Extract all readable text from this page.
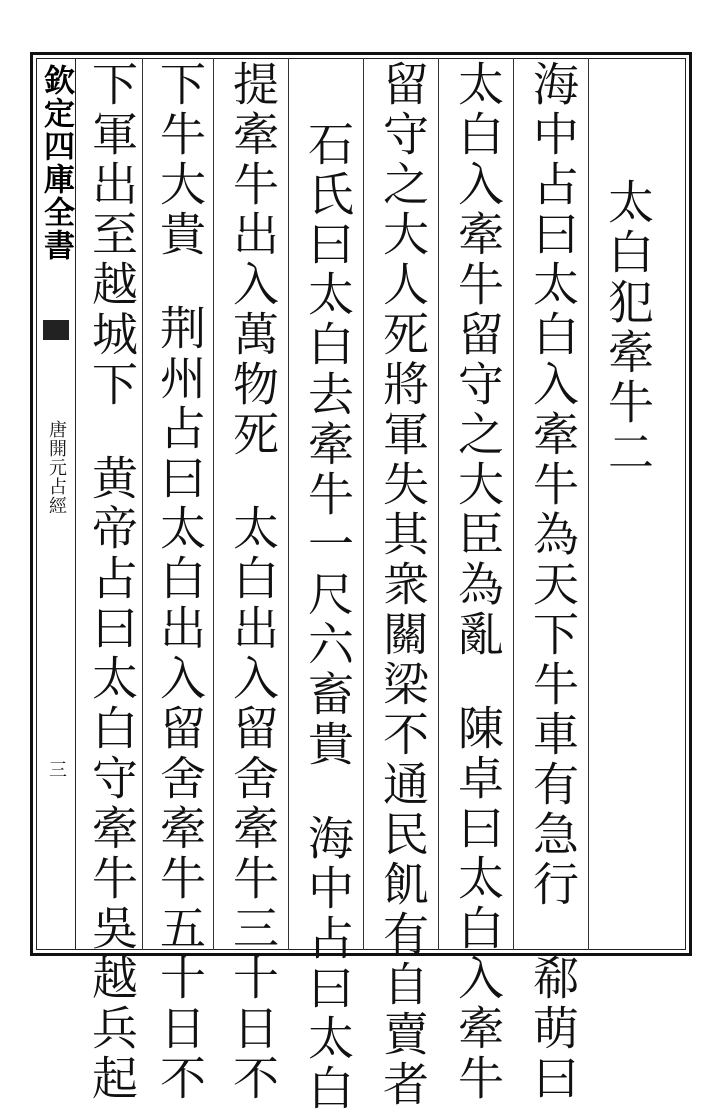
欽定四庫全書
唐開元占經
三
太白犯牽牛二
海中占曰太白入牽牛為天下牛車有急行郗萌曰
太白入牽牛留守之大臣為亂陳卓曰太白入牽牛
留守之大人死將軍失其衆關梁不通民飢有自賣者
石氏曰太白去牽牛一尺六畜貴海中占曰太白
提牽牛出入萬物死太白出入留舍牽牛三十日不
下牛大貴荆州占曰太白出入留舍牽牛五十日不
下軍出至越城下黄帝占曰太白守牽牛吳越兵起
